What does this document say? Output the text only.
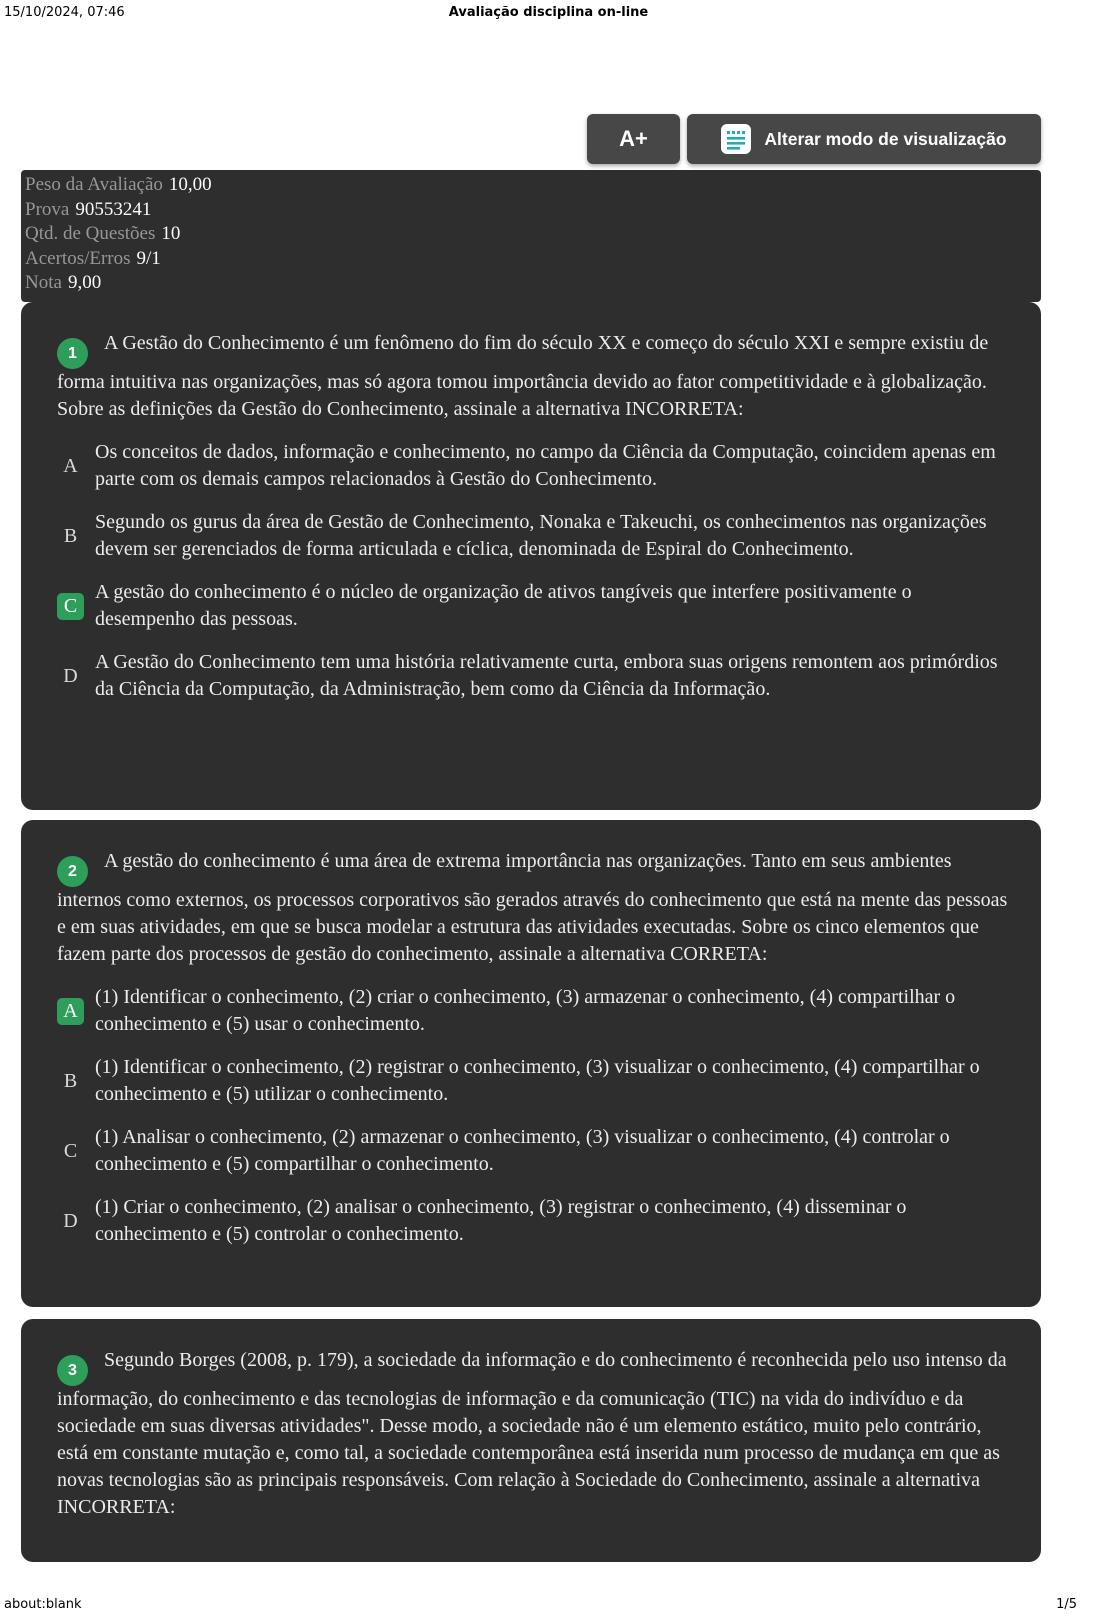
15/10/2024, 07:46	Avaliação disciplina on-line
A+	Alterar modo de visualização
Peso da Avaliação 10,00
Prova 90553241
Qtd. de Questões 10
Acertos/Erros 9/1
Nota 9,00

1 A Gestão do Conhecimento é um fenômeno do fim do século XX e começo do século XXI e sempre existiu de forma intuitiva nas organizações, mas só agora tomou importância devido ao fator competitividade e à globalização. Sobre as definições da Gestão do Conhecimento, assinale a alternativa INCORRETA:

A
Os conceitos de dados, informação e conhecimento, no campo da Ciência da Computação, coincidem apenas em parte com os demais campos relacionados à Gestão do Conhecimento.
B
Segundo os gurus da área de Gestão de Conhecimento, Nonaka e Takeuchi, os conhecimentos nas organizações devem ser gerenciados de forma articulada e cíclica, denominada de Espiral do Conhecimento.
C
A gestão do conhecimento é o núcleo de organização de ativos tangíveis que interfere positivamente o desempenho das pessoas.
D
A Gestão do Conhecimento tem uma história relativamente curta, embora suas origens remontem aos primórdios da Ciência da Computação, da Administração, bem como da Ciência da Informação.

2 A gestão do conhecimento é uma área de extrema importância nas organizações. Tanto em seus ambientes internos como externos, os processos corporativos são gerados através do conhecimento que está na mente das pessoas e em suas atividades, em que se busca modelar a estrutura das atividades executadas. Sobre os cinco elementos que fazem parte dos processos de gestão do conhecimento, assinale a alternativa CORRETA:

A
(1) Identificar o conhecimento, (2) criar o conhecimento, (3) armazenar o conhecimento, (4) compartilhar o conhecimento e (5) usar o conhecimento.
B
(1) Identificar o conhecimento, (2) registrar o conhecimento, (3) visualizar o conhecimento, (4) compartilhar o conhecimento e (5) utilizar o conhecimento.
C
(1) Analisar o conhecimento, (2) armazenar o conhecimento, (3) visualizar o conhecimento, (4) controlar o conhecimento e (5) compartilhar o conhecimento.
D
(1) Criar o conhecimento, (2) analisar o conhecimento, (3) registrar o conhecimento, (4) disseminar o conhecimento e (5) controlar o conhecimento.

3 Segundo Borges (2008, p. 179), a sociedade da informação e do conhecimento é reconhecida pelo uso intenso da informação, do conhecimento e das tecnologias de informação e da comunicação (TIC) na vida do indivíduo e da sociedade em suas diversas atividades". Desse modo, a sociedade não é um elemento estático, muito pelo contrário, está em constante mutação e, como tal, a sociedade contemporânea está inserida num processo de mudança em que as novas tecnologias são as principais responsáveis. Com relação à Sociedade do Conhecimento, assinale a alternativa INCORRETA:

about:blank	1/5
